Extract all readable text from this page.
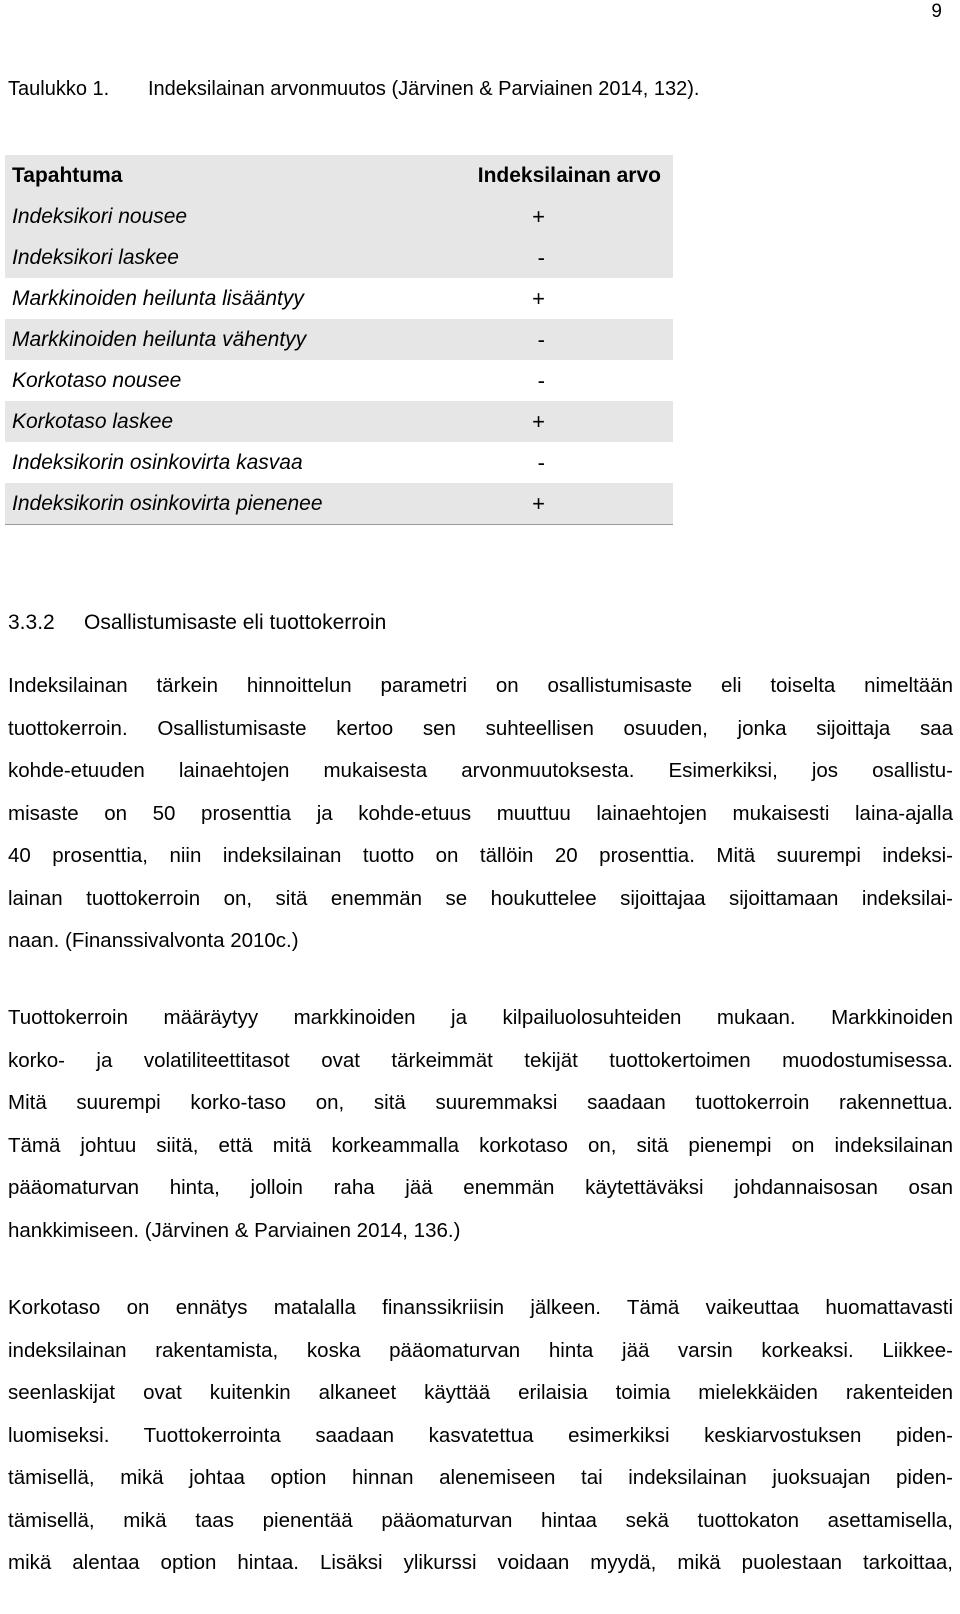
9
Taulukko 1. Indeksilainan arvonmuutos (Järvinen & Parviainen 2014, 132).
Tapahtuma	Indeksilainan arvo
Indeksikori nousee	+
Indeksikori laskee	-
Markkinoiden heilunta lisääntyy	+
Markkinoiden heilunta vähentyy	-
Korkotaso nousee	-
Korkotaso laskee	+
Indeksikorin osinkovirta kasvaa	-
Indeksikorin osinkovirta pienenee	+
3.3.2 Osallistumisaste eli tuottokerroin
Indeksilainan tärkein hinnoittelun parametri on osallistumisaste eli toiselta nimeltään
tuottokerroin. Osallistumisaste kertoo sen suhteellisen osuuden, jonka sijoittaja saa
kohde-etuuden lainaehtojen mukaisesta arvonmuutoksesta. Esimerkiksi, jos osallistu-
misaste on 50 prosenttia ja kohde-etuus muuttuu lainaehtojen mukaisesti laina-ajalla
40 prosenttia, niin indeksilainan tuotto on tällöin 20 prosenttia. Mitä suurempi indeksi-
lainan tuottokerroin on, sitä enemmän se houkuttelee sijoittajaa sijoittamaan indeksilai-
naan. (Finanssivalvonta 2010c.)
Tuottokerroin määräytyy markkinoiden ja kilpailuolosuhteiden mukaan. Markkinoiden
korko- ja volatiliteettitasot ovat tärkeimmät tekijät tuottokertoimen muodostumisessa.
Mitä suurempi korko-taso on, sitä suuremmaksi saadaan tuottokerroin rakennettua.
Tämä johtuu siitä, että mitä korkeammalla korkotaso on, sitä pienempi on indeksilainan
pääomaturvan hinta, jolloin raha jää enemmän käytettäväksi johdannaisosan osan
hankkimiseen. (Järvinen & Parviainen 2014, 136.)
Korkotaso on ennätys matalalla finanssikriisin jälkeen. Tämä vaikeuttaa huomattavasti
indeksilainan rakentamista, koska pääomaturvan hinta jää varsin korkeaksi. Liikkee-
seenlaskijat ovat kuitenkin alkaneet käyttää erilaisia toimia mielekkäiden rakenteiden
luomiseksi. Tuottokerrointa saadaan kasvatettua esimerkiksi keskiarvostuksen piden-
tämisellä, mikä johtaa option hinnan alenemiseen tai indeksilainan juoksuajan piden-
tämisellä, mikä taas pienentää pääomaturvan hintaa sekä tuottokaton asettamisella,
mikä alentaa option hintaa. Lisäksi ylikurssi voidaan myydä, mikä puolestaan tarkoittaa,
